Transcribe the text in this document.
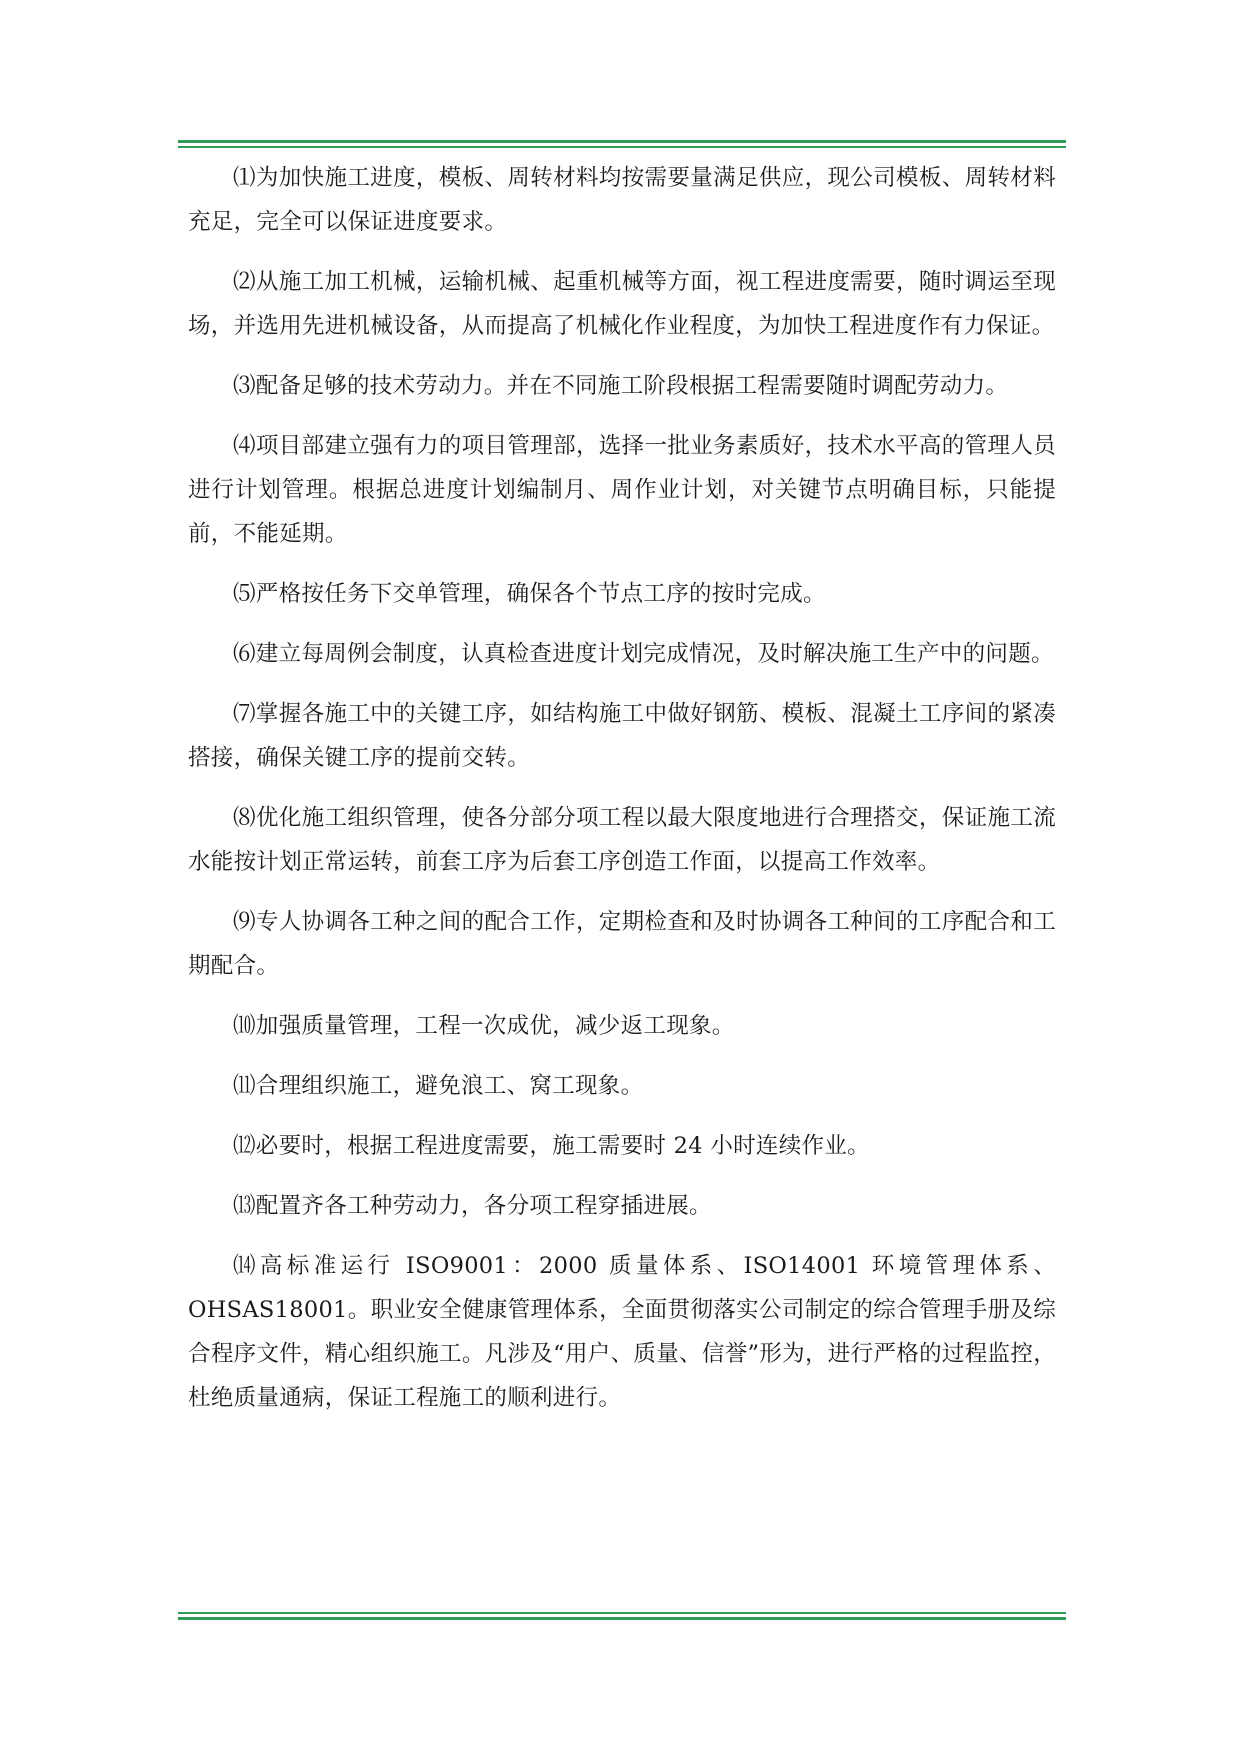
⑴为加快施工进度，模板、周转材料均按需要量满足供应，现公司模板、周转材料充足，完全可以保证进度要求。

⑵从施工加工机械，运输机械、起重机械等方面，视工程进度需要，随时调运至现场，并选用先进机械设备，从而提高了机械化作业程度，为加快工程进度作有力保证。

⑶配备足够的技术劳动力。并在不同施工阶段根据工程需要随时调配劳动力。

⑷项目部建立强有力的项目管理部，选择一批业务素质好，技术水平高的管理人员进行计划管理。根据总进度计划编制月、周作业计划，对关键节点明确目标，只能提前，不能延期。

⑸严格按任务下交单管理，确保各个节点工序的按时完成。

⑹建立每周例会制度，认真检查进度计划完成情况，及时解决施工生产中的问题。

⑺掌握各施工中的关键工序，如结构施工中做好钢筋、模板、混凝土工序间的紧凑搭接，确保关键工序的提前交转。

⑻优化施工组织管理，使各分部分项工程以最大限度地进行合理搭交，保证施工流水能按计划正常运转，前套工序为后套工序创造工作面，以提高工作效率。

⑼专人协调各工种之间的配合工作，定期检查和及时协调各工种间的工序配合和工期配合。

⑽加强质量管理，工程一次成优，减少返工现象。

⑾合理组织施工，避免浪工、窝工现象。

⑿必要时，根据工程进度需要，施工需要时 24 小时连续作业。

⒀配置齐各工种劳动力，各分项工程穿插进展。

⒁高标准运行 ISO9001：2000 质量体系、ISO14001 环境管理体系、OHSAS18001。职业安全健康管理体系，全面贯彻落实公司制定的综合管理手册及综合程序文件，精心组织施工。凡涉及“用户、质量、信誉”形为，进行严格的过程监控，杜绝质量通病，保证工程施工的顺利进行。
